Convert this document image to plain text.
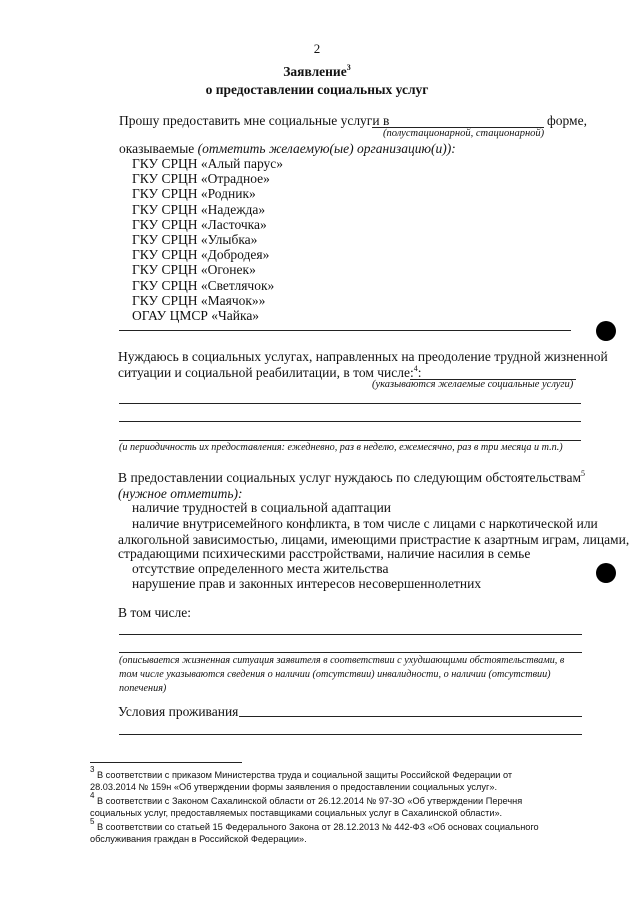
2
Заявление$^3$
о предоставлении социальных услуг
Прошу предоставить мне социальные услуги в	форме,
(полустационарной, стационарной)
оказываемые (отметить желаемую(ые) организацию(и)):
ГКУ СРЦН «Алый парус»
ГКУ СРЦН «Отрадное»
ГКУ СРЦН «Родник»
ГКУ СРЦН «Надежда»
ГКУ СРЦН «Ласточка»
ГКУ СРЦН «Улыбка»
ГКУ СРЦН «Добродея»
ГКУ СРЦН «Огонек»
ГКУ СРЦН «Светлячок»
ГКУ СРЦН «Маячок»»
ОГАУ ЦМСР «Чайка»
Нуждаюсь в социальных услугах, направленных на преодоление трудной жизненной
ситуации и социальной реабилитации, в том числе:$^4$:
(указываются желаемые социальные услуги)
(и периодичность их предоставления: ежедневно, раз в неделю, ежемесячно, раз в три месяца и т.п.)
В предоставлении социальных услуг нуждаюсь по следующим обстоятельствам$^5$
(нужное отметить):
наличие трудностей в социальной адаптации
наличие внутрисемейного конфликта, в том числе с лицами с наркотической или
алкогольной зависимостью, лицами, имеющими пристрастие к азартным играм, лицами,
страдающими психическими расстройствами, наличие насилия в семье
отсутствие определенного места жительства
нарушение прав и законных интересов несовершеннолетних
В том числе:
(описывается жизненная ситуация заявителя в соответствии с ухудшающими обстоятельствами, в
том числе указываются сведения о наличии (отсутствии) инвалидности, о наличии (отсутствии)
попечения)
Условия проживания
$^3$ В соответствии с приказом Министерства труда и социальной защиты Российской Федерации от
28.03.2014 № 159н «Об утверждении формы заявления о предоставлении социальных услуг».
$^4$ В соответствии с Законом Сахалинской области от 26.12.2014 № 97-ЗО «Об утверждении Перечня
социальных услуг, предоставляемых поставщиками социальных услуг в Сахалинской области».
$^5$ В соответствии со статьей 15 Федерального Закона от 28.12.2013 № 442-ФЗ «Об основах социального
обслуживания граждан в Российской Федерации».
